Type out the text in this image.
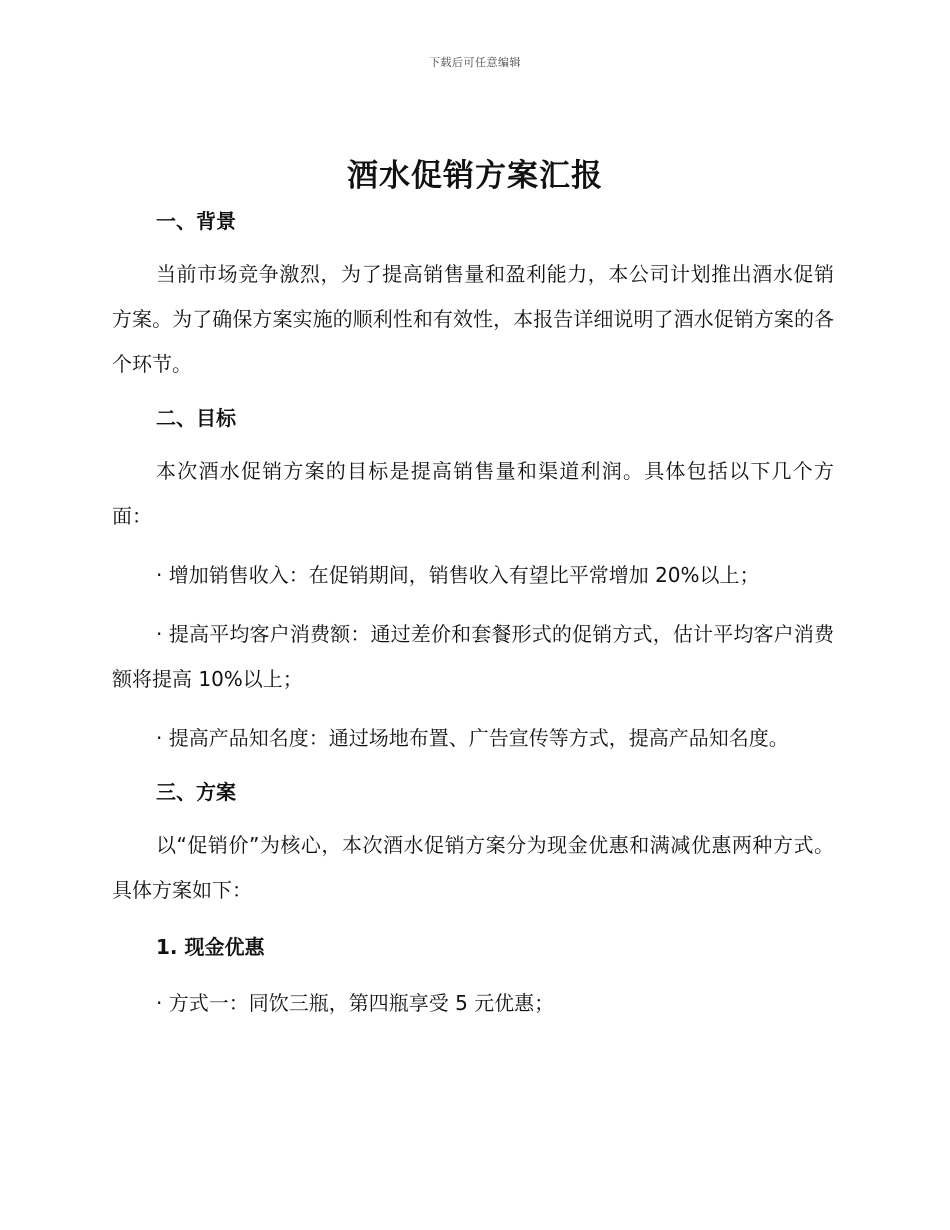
下载后可任意编辑
酒水促销方案汇报
一、背景

当前市场竞争激烈，为了提高销售量和盈利能力，本公司计划推出酒水促销方案。为了确保方案实施的顺利性和有效性，本报告详细说明了酒水促销方案的各个环节。

二、目标

本次酒水促销方案的目标是提高销售量和渠道利润。具体包括以下几个方面：

· 增加销售收入：在促销期间，销售收入有望比平常增加 20%以上；

· 提高平均客户消费额：通过差价和套餐形式的促销方式，估计平均客户消费额将提高 10%以上；

· 提高产品知名度：通过场地布置、广告宣传等方式，提高产品知名度。

三、方案

以“促销价”为核心，本次酒水促销方案分为现金优惠和满减优惠两种方式。具体方案如下：

1. 现金优惠

· 方式一：同饮三瓶，第四瓶享受 5 元优惠；
